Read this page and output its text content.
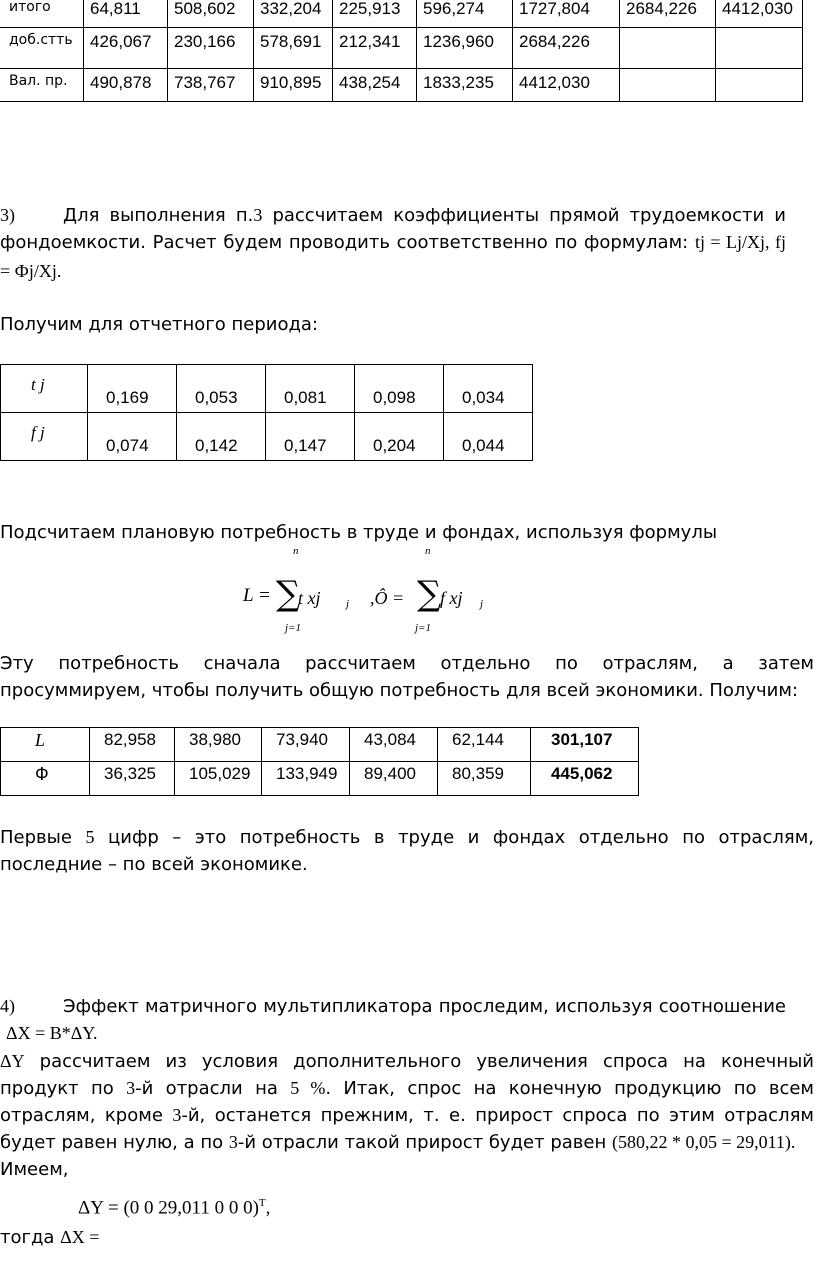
итого	64,811	508,602	332,204	225,913	596,274	1727,804	2684,226	4412,030
доб.стть	426,067	230,166	578,691	212,341	1236,960	2684,226		
Вал. пр.	490,878	738,767	910,895	438,254	1833,235	4412,030		
3)	Для выполнения п.3 рассчитаем коэффициенты прямой трудоемкости и фондоемкости. Расчет будем проводить соответственно по формулам: tj = Lj/Xj, fj
= Фj/Xj.
Получим для отчетного периода:
t j	0,169	0,053	0,081	0,098	0,034
f j	0,074	0,142	0,147	0,204	0,044
Подсчитаем плановую потребность в труде и фондах, используя формулы
n	n
L = ∑
t xj j ,Ô = ∑
f xj j
j=1	j=1
Эту потребность сначала рассчитаем отдельно по отраслям, а затем просуммируем, чтобы получить общую потребность для всей экономики. Получим:
L	82,958	38,980	73,940	43,084	62,144	301,107
Ф	36,325	105,029	133,949	89,400	80,359	445,062
Первые 5 цифр – это потребность в труде и фондах отдельно по отраслям, последние – по всей экономике.
4)	Эффект матричного мультипликатора проследим, используя соотношение
ΔX = B*ΔY.
ΔY рассчитаем из условия дополнительного увеличения спроса на конечный продукт по 3-й отрасли на 5 %. Итак, спрос на конечную продукцию по всем отраслям, кроме 3-й, останется прежним, т. е. прирост спроса по этим отраслям будет равен нулю, а по 3-й отрасли такой прирост будет равен (580,22 * 0,05 = 29,011).
Имеем,
ΔY = (0 0 29,011 0 0 0)$^T$,
тогда ΔX =
